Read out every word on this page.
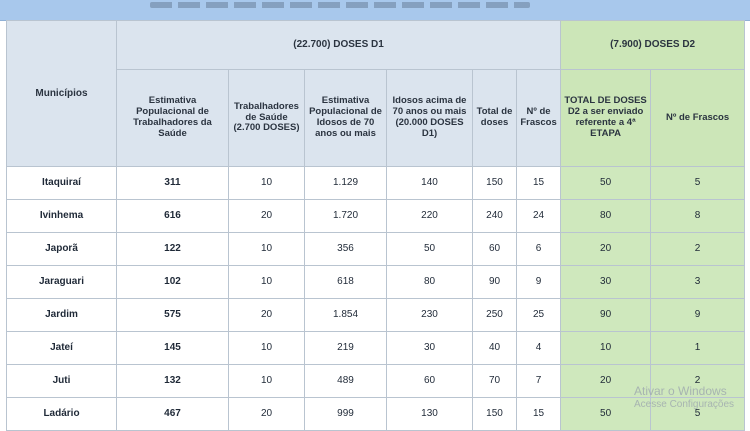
Municípios	(22.700) DOSES D1						(7.900) DOSES D2	
	Estimativa Populacional de Trabalhadores da Saúde	Trabalhadores de Saúde (2.700 DOSES)	Estimativa Populacional de Idosos de 70 anos ou mais	Idosos acima de 70 anos ou mais (20.000 DOSES D1)	Total de doses	Nº de Frascos	TOTAL DE DOSES D2 a ser enviado referente a 4ª ETAPA	Nº de Frascos
Itaquiraí	311	10	1.129	140	150	15	50	5
Ivinhema	616	20	1.720	220	240	24	80	8
Japorã	122	10	356	50	60	6	20	2
Jaraguari	102	10	618	80	90	9	30	3
Jardim	575	20	1.854	230	250	25	90	9
Jateí	145	10	219	30	40	4	10	1
Juti	132	10	489	60	70	7	20	2
Ladário	467	20	999	130	150	15	50	5
Ativar o Windows
Acesse Configurações
